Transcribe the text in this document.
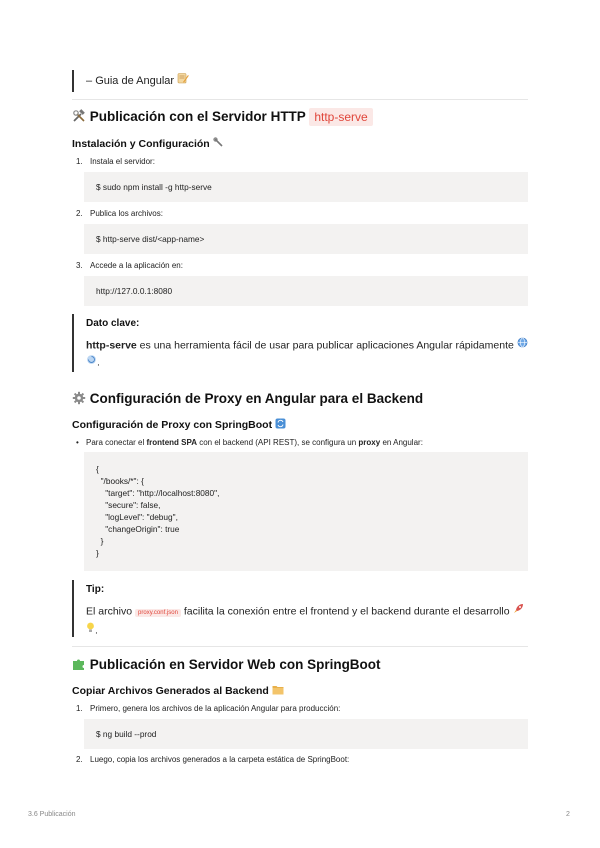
– Guia de Angular
Publicación con el Servidor HTTP http-serve
Instalación y Configuración
1. Instala el servidor:
$ sudo npm install -g http-serve
2. Publica los archivos:
$ http-serve dist/<app-name>
3. Accede a la aplicación en:
http://127.0.0.1:8080
Dato clave:
http-serve es una herramienta fácil de usar para publicar aplicaciones Angular rápidamente .
Configuración de Proxy en Angular para el Backend
Configuración de Proxy con SpringBoot
• Para conectar el frontend SPA con el backend (API REST), se configura un proxy en Angular:
{
"/books/*": {
"target": "http://localhost:8080",
"secure": false,
"logLevel": "debug",
"changeOrigin": true
}
}
Tip:
El archivo proxy.conf.json facilita la conexión entre el frontend y el backend durante el desarrollo .
Publicación en Servidor Web con SpringBoot
Copiar Archivos Generados al Backend
1. Primero, genera los archivos de la aplicación Angular para producción:
$ ng build --prod
2. Luego, copia los archivos generados a la carpeta estática de SpringBoot:
3.6 Publicación	2
